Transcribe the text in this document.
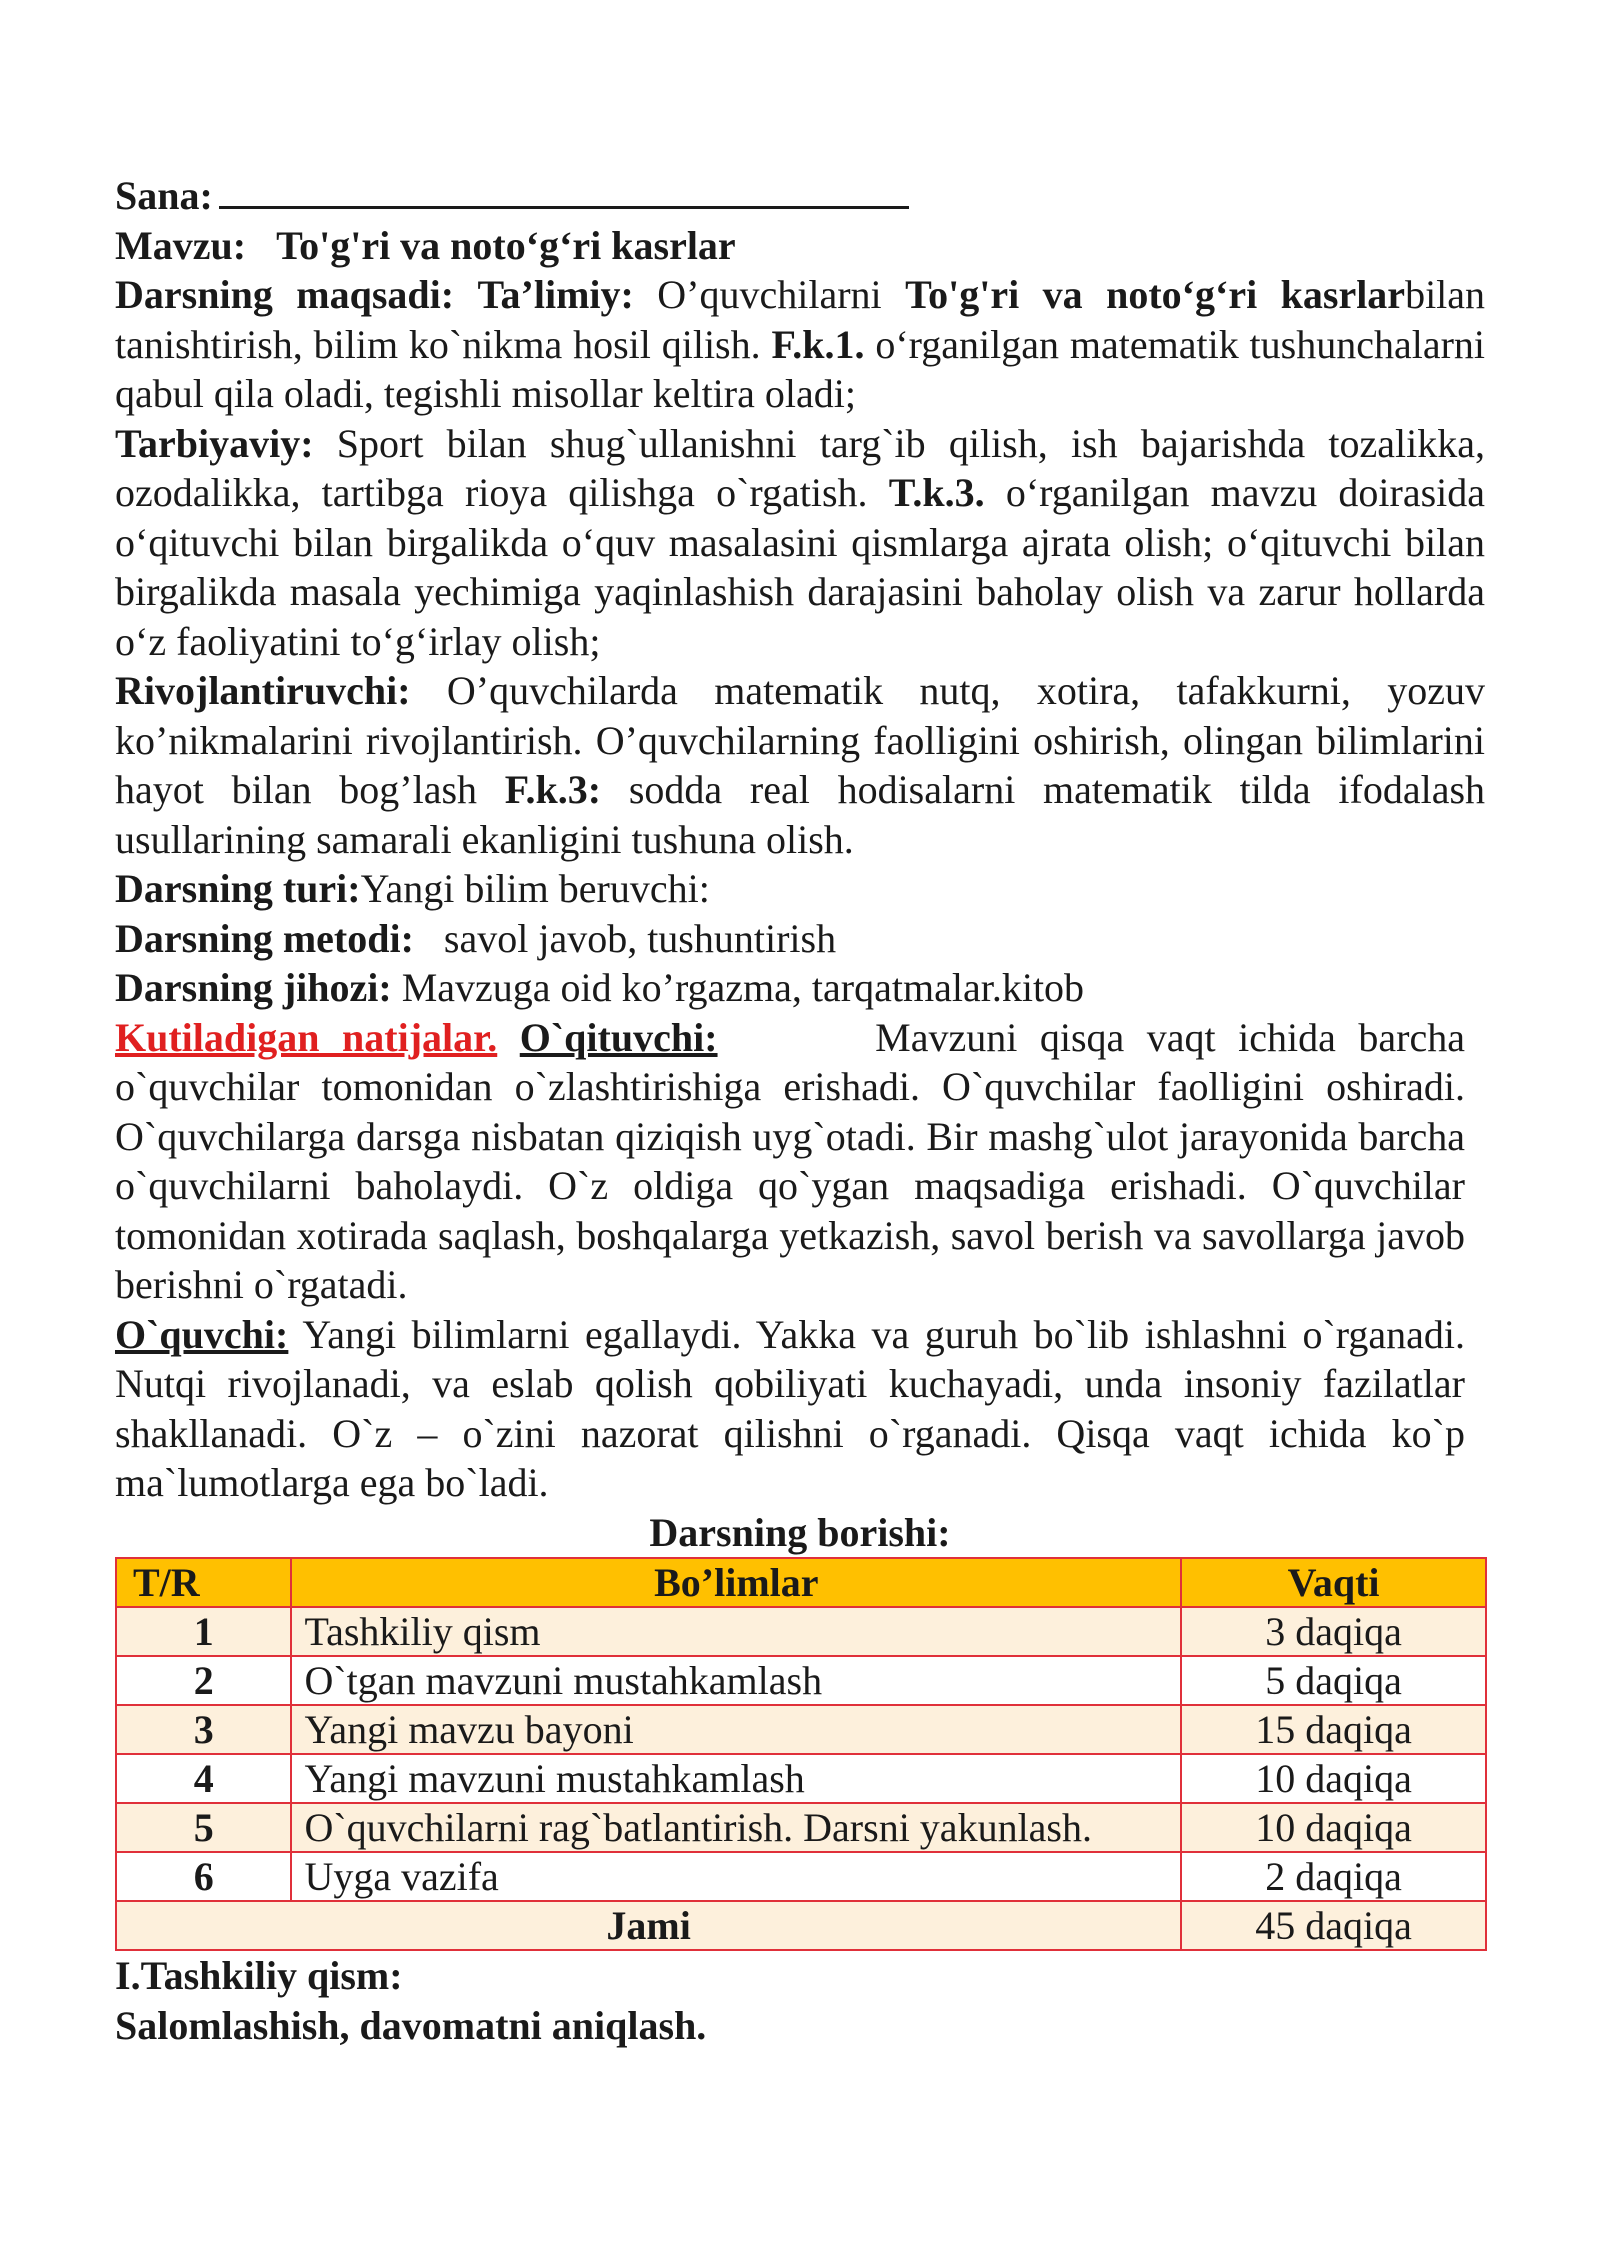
Sana:

Mavzu: To'g'ri va noto‘g‘ri kasrlar

Darsning maqsadi: Ta’limiy: O’quvchilarni To'g'ri va noto‘g‘ri kasrlarbilan tanishtirish, bilim ko`nikma hosil qilish. F.k.1. o‘rganilgan matematik tushunchalarni qabul qila oladi, tegishli misollar keltira oladi;

Tarbiyaviy: Sport bilan shug`ullanishni targ`ib qilish, ish bajarishda tozalikka, ozodalikka, tartibga rioya qilishga o`rgatish. T.k.3. o‘rganilgan mavzu doirasida o‘qituvchi bilan birgalikda o‘quv masalasini qismlarga ajrata olish; o‘qituvchi bilan birgalikda masala yechimiga yaqinlashish darajasini baholay olish va zarur hollarda o‘z faoliyatini to‘g‘irlay olish;

Rivojlantiruvchi: O’quvchilarda matematik nutq, xotira, tafakkurni, yozuv ko’nikmalarini rivojlantirish. O’quvchilarning faolligini oshirish, olingan bilimlarini hayot bilan bog’lash F.k.3: sodda real hodisalarni matematik tilda ifodalash usullarining samarali ekanligini tushuna olish.

Darsning turi:Yangi bilim beruvchi:

Darsning metodi: savol javob, tushuntirish

Darsning jihozi: Mavzuga oid ko’rgazma, tarqatmalar.kitob

Kutiladigan natijalar. O`qituvchi:	Mavzuni qisqa vaqt ichida barcha o`quvchilar tomonidan o`zlashtirishiga erishadi. O`quvchilar faolligini oshiradi. O`quvchilarga darsga nisbatan qiziqish uyg`otadi. Bir mashg`ulot jarayonida barcha o`quvchilarni baholaydi. O`z oldiga qo`ygan maqsadiga erishadi. O`quvchilar tomonidan xotirada saqlash, boshqalarga yetkazish, savol berish va savollarga javob berishni o`rgatadi.

O`quvchi: Yangi bilimlarni egallaydi. Yakka va guruh bo`lib ishlashni o`rganadi. Nutqi rivojlanadi, va eslab qolish qobiliyati kuchayadi, unda insoniy fazilatlar shakllanadi. O`z – o`zini nazorat qilishni o`rganadi. Qisqa vaqt ichida ko`p ma`lumotlarga ega bo`ladi.

Darsning borishi:

T/R	Bo’limlar	Vaqti
1	Tashkiliy qism	3 daqiqa
2	O`tgan mavzuni mustahkamlash	5 daqiqa
3	Yangi mavzu bayoni	15 daqiqa
4	Yangi mavzuni mustahkamlash	10 daqiqa
5	O`quvchilarni rag`batlantirish. Darsni yakunlash.	10 daqiqa
6	Uyga vazifa	2 daqiqa
Jami		45 daqiqa

I.Tashkiliy qism:

Salomlashish, davomatni aniqlash.
